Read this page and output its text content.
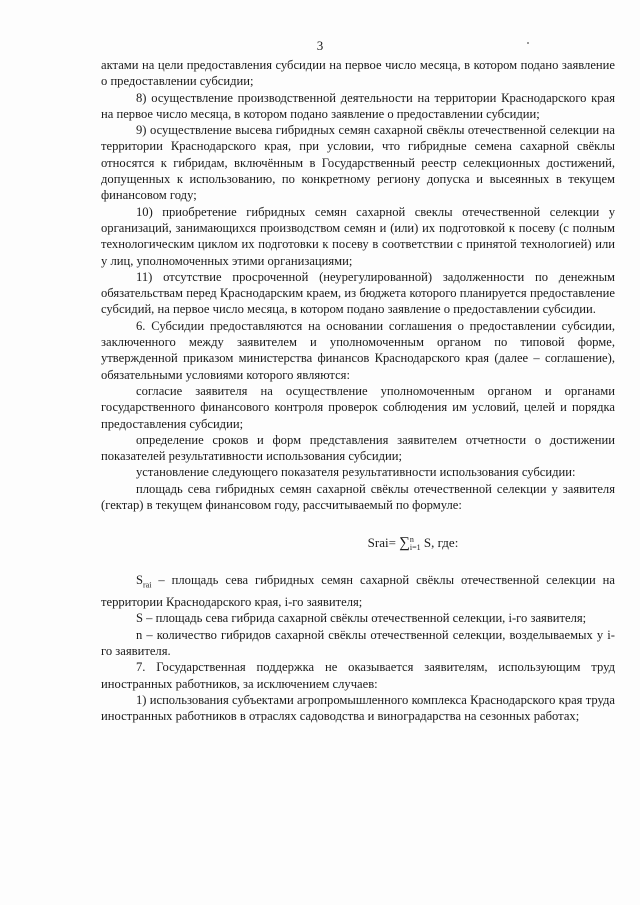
3

актами на цели предоставления субсидии на первое число месяца, в котором подано заявление о предоставлении субсидии;

8) осуществление производственной деятельности на территории Краснодарского края на первое число месяца, в котором подано заявление о предоставлении субсидии;

9) осуществление высева гибридных семян сахарной свёклы отечественной селекции на территории Краснодарского края, при условии, что гибридные семена сахарной свёклы относятся к гибридам, включённым в Государственный реестр селекционных достижений, допущенных к использованию, по конкретному региону допуска и высеянных в текущем финансовом году;

10) приобретение гибридных семян сахарной свеклы отечественной селекции у организаций, занимающихся производством семян и (или) их подготовкой к посеву (с полным технологическим циклом их подготовки к посеву в соответствии с принятой технологией) или у лиц, уполномоченных этими организациями;

11) отсутствие просроченной (неурегулированной) задолженности по денежным обязательствам перед Краснодарским краем, из бюджета которого планируется предоставление субсидий, на первое число месяца, в котором подано заявление о предоставлении субсидии.

6. Субсидии предоставляются на основании соглашения о предоставлении субсидии, заключенного между заявителем и уполномоченным органом по типовой форме, утвержденной приказом министерства финансов Краснодарского края (далее – соглашение), обязательными условиями которого являются:

согласие заявителя на осуществление уполномоченным органом и органами государственного финансового контроля проверок соблюдения им условий, целей и порядка предоставления субсидии;

определение сроков и форм представления заявителем отчетности о достижении показателей результативности использования субсидии;

установление следующего показателя результативности использования субсидии:

площадь сева гибридных семян сахарной свёклы отечественной селекции у заявителя (гектар) в текущем финансовом году, рассчитываемый по формуле:

Srai= ∑n
i=1 S, где:

$S_{rai}$ – площадь сева гибридных семян сахарной свёклы отечественной селекции на территории Краснодарского края, i-го заявителя;

S – площадь сева гибрида сахарной свёклы отечественной селекции, i-го заявителя;

n – количество гибридов сахарной свёклы отечественной селекции, возделываемых у i-го заявителя.

7. Государственная поддержка не оказывается заявителям, использующим труд иностранных работников, за исключением случаев:

1) использования субъектами агропромышленного комплекса Краснодарского края труда иностранных работников в отраслях садоводства и виноградарства на сезонных работах;
